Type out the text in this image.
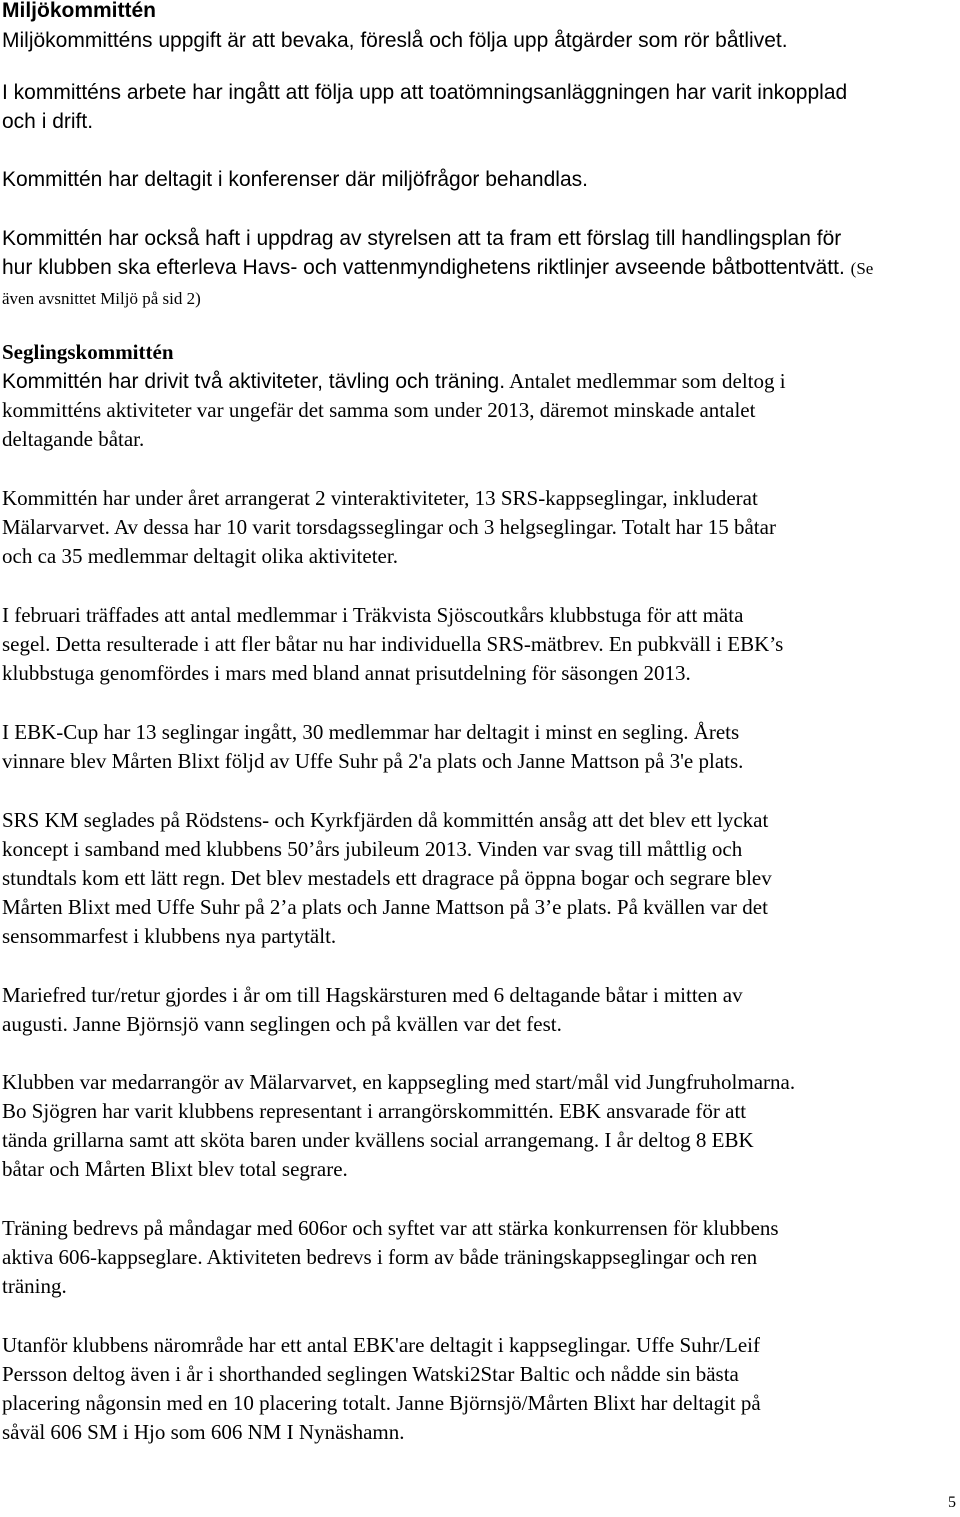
Miljökommittén
Miljökommitténs uppgift är att bevaka, föreslå och följa upp åtgärder som rör båtlivet.
I kommitténs arbete har ingått att följa upp att toatömningsanläggningen har varit inkopplad
och i drift.
Kommittén har deltagit i konferenser där miljöfrågor behandlas.
Kommittén har också haft i uppdrag av styrelsen att ta fram ett förslag till handlingsplan för
hur klubben ska efterleva Havs- och vattenmyndighetens riktlinjer avseende båtbottentvätt. (Se
även avsnittet Miljö på sid 2)
Seglingskommittén
Kommittén har drivit två aktiviteter, tävling och träning. Antalet medlemmar som deltog i
kommitténs aktiviteter var ungefär det samma som under 2013, däremot minskade antalet
deltagande båtar.
Kommittén har under året arrangerat 2 vinteraktiviteter, 13 SRS-kappseglingar, inkluderat
Mälarvarvet. Av dessa har 10 varit torsdagsseglingar och 3 helgseglingar. Totalt har 15 båtar
och ca 35 medlemmar deltagit olika aktiviteter.
I februari träffades att antal medlemmar i Träkvista Sjöscoutkårs klubbstuga för att mäta
segel. Detta resulterade i att fler båtar nu har individuella SRS-mätbrev. En pubkväll i EBK’s
klubbstuga genomfördes i mars med bland annat prisutdelning för säsongen 2013.
I EBK-Cup har 13 seglingar ingått, 30 medlemmar har deltagit i minst en segling. Årets
vinnare blev Mårten Blixt följd av Uffe Suhr på 2'a plats och Janne Mattson på 3'e plats.
SRS KM seglades på Rödstens- och Kyrkfjärden då kommittén ansåg att det blev ett lyckat
koncept i samband med klubbens 50’års jubileum 2013. Vinden var svag till måttlig och
stundtals kom ett lätt regn. Det blev mestadels ett dragrace på öppna bogar och segrare blev
Mårten Blixt med Uffe Suhr på 2’a plats och Janne Mattson på 3’e plats. På kvällen var det
sensommarfest i klubbens nya partytält.
Mariefred tur/retur gjordes i år om till Hagskärsturen med 6 deltagande båtar i mitten av
augusti. Janne Björnsjö vann seglingen och på kvällen var det fest.
Klubben var medarrangör av Mälarvarvet, en kappsegling med start/mål vid Jungfruholmarna.
Bo Sjögren har varit klubbens representant i arrangörskommittén. EBK ansvarade för att
tända grillarna samt att sköta baren under kvällens social arrangemang. I år deltog 8 EBK
båtar och Mårten Blixt blev total segrare.
Träning bedrevs på måndagar med 606or och syftet var att stärka konkurrensen för klubbens
aktiva 606-kappseglare. Aktiviteten bedrevs i form av både träningskappseglingar och ren
träning.
Utanför klubbens närområde har ett antal EBK'are deltagit i kappseglingar. Uffe Suhr/Leif
Persson deltog även i år i shorthanded seglingen Watski2Star Baltic och nådde sin bästa
placering någonsin med en 10 placering totalt. Janne Björnsjö/Mårten Blixt har deltagit på
såväl 606 SM i Hjo som 606 NM I Nynäshamn.
5
